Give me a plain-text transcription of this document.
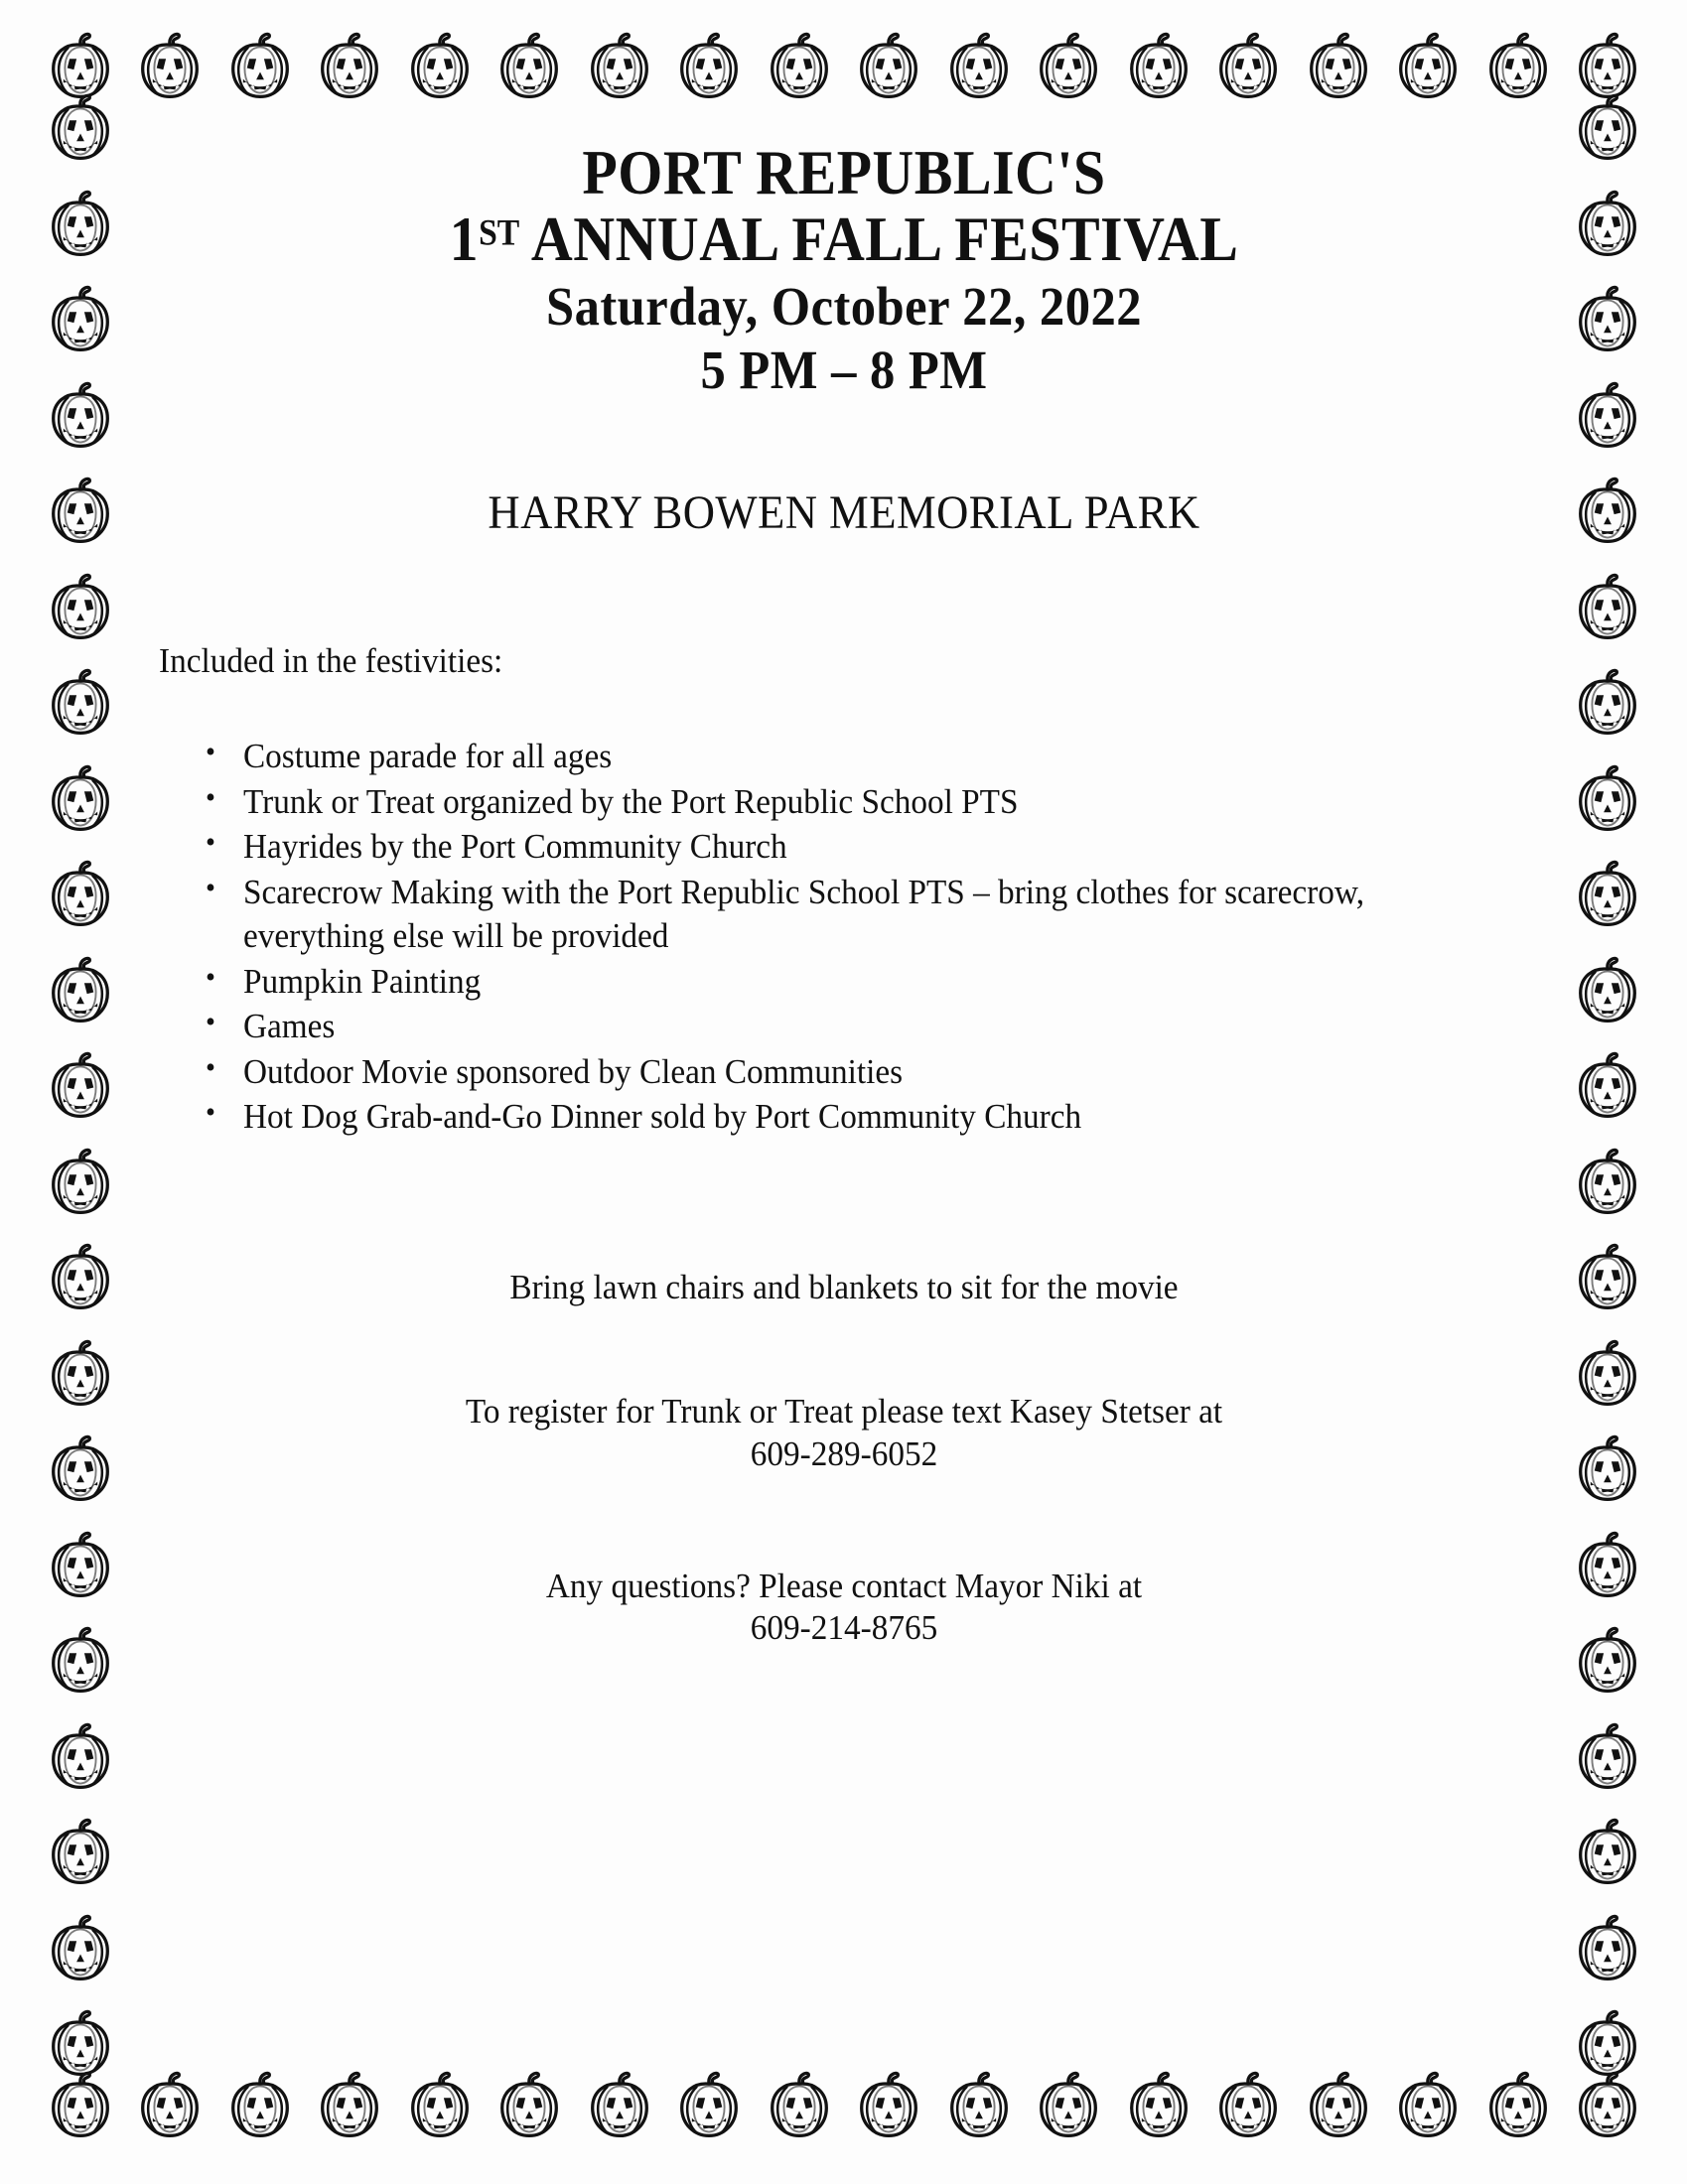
PORT REPUBLIC'S
1ST ANNUAL FALL FESTIVAL
Saturday, October 22, 2022
5 PM – 8 PM
HARRY BOWEN MEMORIAL PARK
Included in the festivities:
• Costume parade for all ages
• Trunk or Treat organized by the Port Republic School PTS
• Hayrides by the Port Community Church
• Scarecrow Making with the Port Republic School PTS – bring clothes for scarecrow, everything else will be provided
• Pumpkin Painting
• Games
• Outdoor Movie sponsored by Clean Communities
• Hot Dog Grab-and-Go Dinner sold by Port Community Church
Bring lawn chairs and blankets to sit for the movie
To register for Trunk or Treat please text Kasey Stetser at
609-289-6052
Any questions? Please contact Mayor Niki at
609-214-8765
